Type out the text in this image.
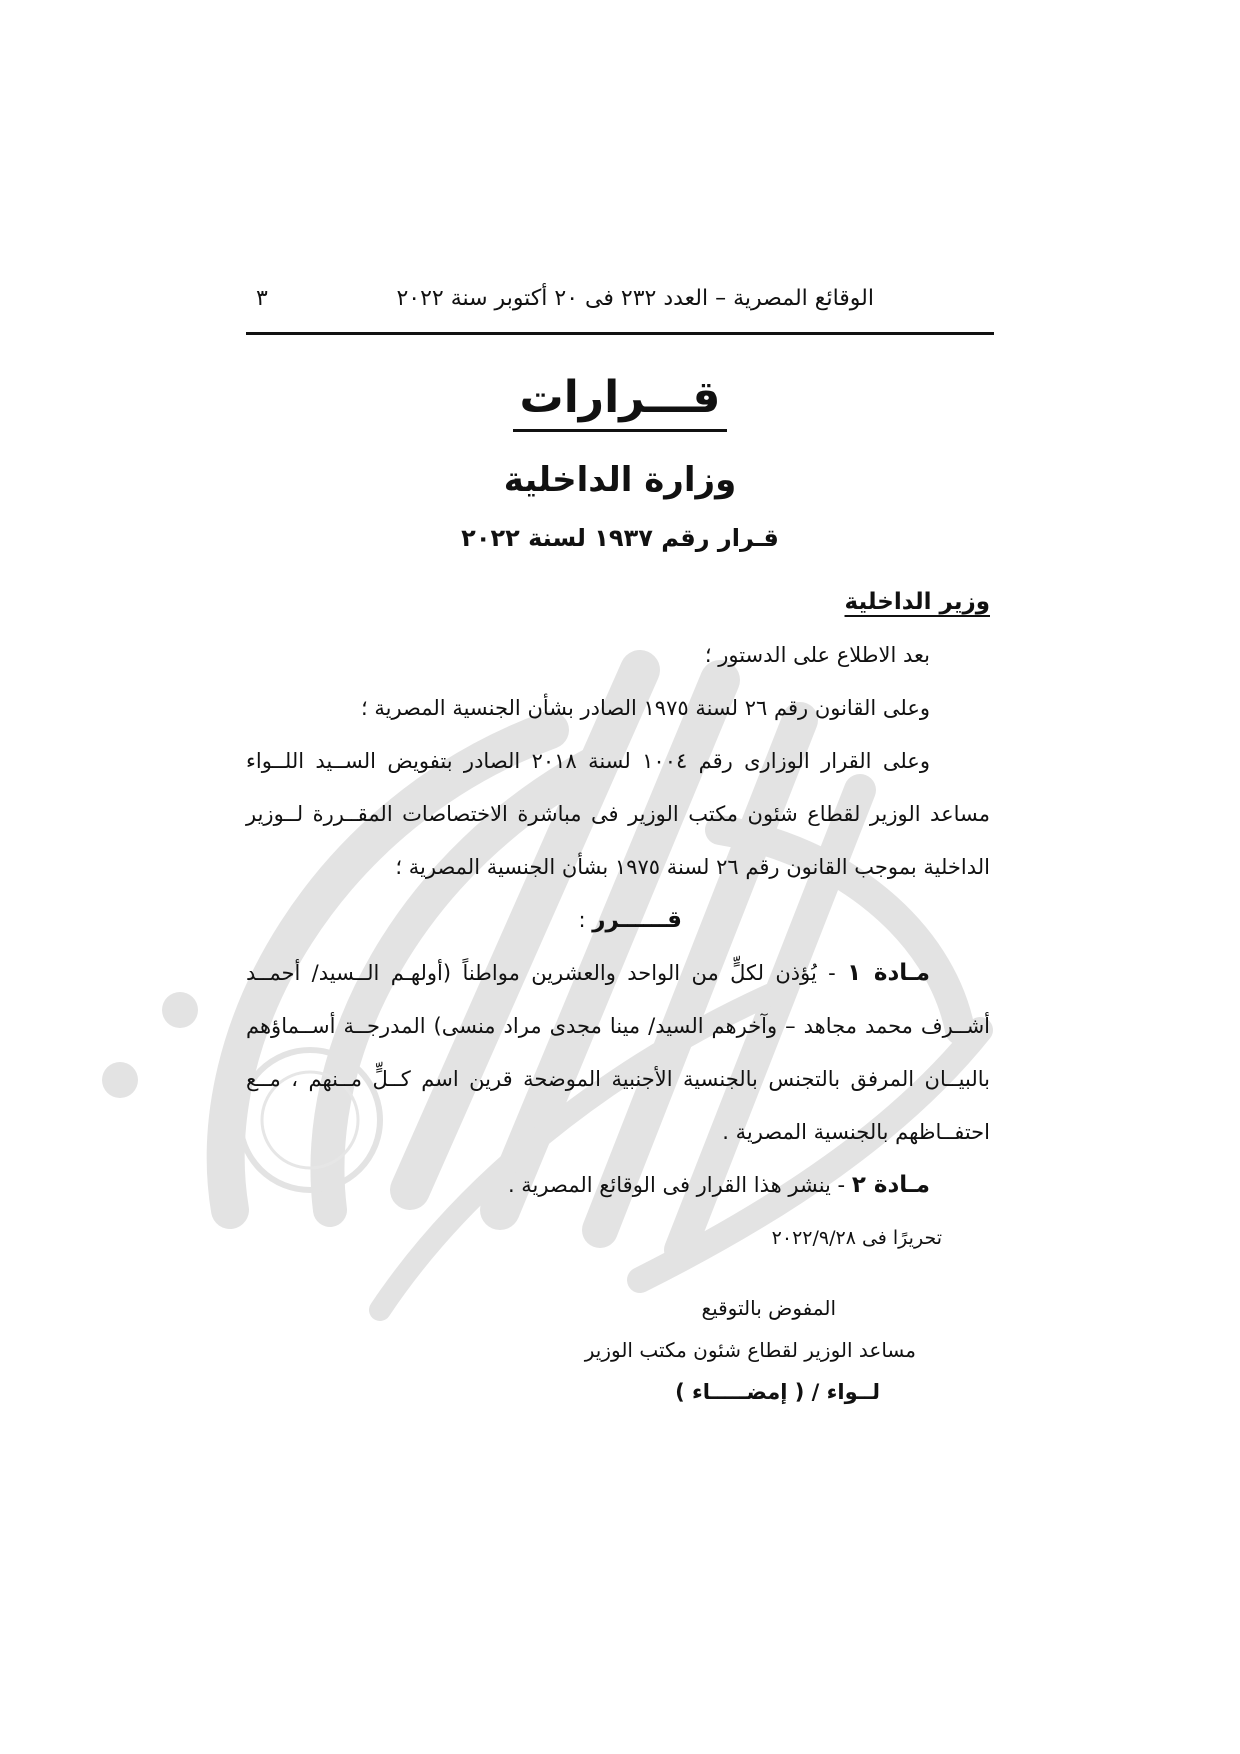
الوقائع المصرية – العدد ٢٣٢ فى ٢٠ أكتوبر سنة ٢٠٢٢
٣
قـــرارات
وزارة الداخلية
قـرار رقم ١٩٣٧ لسنة ٢٠٢٢

وزير الداخلية

بعد الاطلاع على الدستور ؛

وعلى القانون رقم ٢٦ لسنة ١٩٧٥ الصادر بشأن الجنسية المصرية ؛

وعلى القرار الوزارى رقم ١٠٠٤ لسنة ٢٠١٨ الصادر بتفويض الســيد اللــواء مساعد الوزير لقطاع شئون مكتب الوزير فى مباشرة الاختصاصات المقــررة لــوزير الداخلية بموجب القانون رقم ٢٦ لسنة ١٩٧٥ بشأن الجنسية المصرية ؛

قــــــرر :

مـادة ١ - يُؤذن لكلٍّ من الواحد والعشرين مواطناً (أولهـم الــسيد/ أحمــد أشــرف محمد مجاهد – وآخرهم السيد/ مينا مجدى مراد منسى) المدرجــة أســماؤهم بالبيــان المرفق بالتجنس بالجنسية الأجنبية الموضحة قرين اسم كــلٍّ مــنهم ، مــع احتفــاظهم بالجنسية المصرية .

مـادة ٢ - ينشر هذا القرار فى الوقائع المصرية .

تحريرًا فى ٢٠٢٢/٩/٢٨

المفوض بالتوقيع
مساعد الوزير لقطاع شئون مكتب الوزير
لــواء / ( إمضـــــاء )
